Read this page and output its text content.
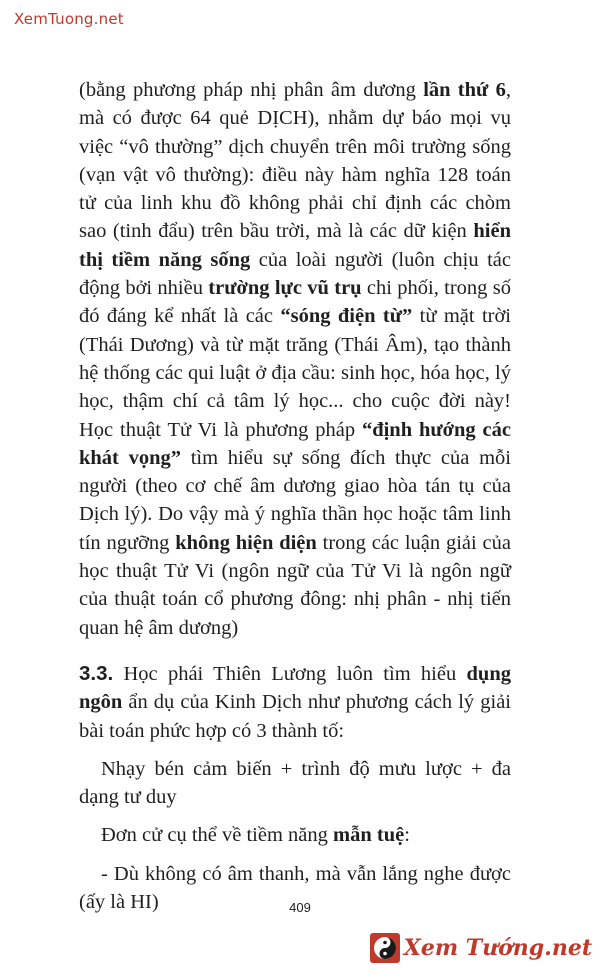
XemTuong.net

(bằng phương pháp nhị phân âm dương lần thứ 6, mà có được 64 quẻ DỊCH), nhằm dự báo mọi vụ việc “vô thường” dịch chuyển trên môi trường sống (vạn vật vô thường): điều này hàm nghĩa 128 toán tử của linh khu đồ không phải chỉ định các chòm sao (tinh đẩu) trên bầu trời, mà là các dữ kiện hiển thị tiềm năng sống của loài người (luôn chịu tác động bởi nhiều trường lực vũ trụ chi phối, trong số đó đáng kể nhất là các “sóng điện từ” từ mặt trời (Thái Dương) và từ mặt trăng (Thái Âm), tạo thành hệ thống các qui luật ở địa cầu: sinh học, hóa học, lý học, thậm chí cả tâm lý học... cho cuộc đời này! Học thuật Tử Vi là phương pháp “định hướng các khát vọng” tìm hiểu sự sống đích thực của mỗi người (theo cơ chế âm dương giao hòa tán tụ của Dịch lý). Do vậy mà ý nghĩa thần học hoặc tâm linh tín ngưỡng không hiện diện trong các luận giải của học thuật Tử Vi (ngôn ngữ của Tử Vi là ngôn ngữ của thuật toán cổ phương đông: nhị phân - nhị tiến quan hệ âm dương)

3.3. Học phái Thiên Lương luôn tìm hiểu dụng ngôn ẩn dụ của Kinh Dịch như phương cách lý giải bài toán phức hợp có 3 thành tố:

Nhạy bén cảm biến + trình độ mưu lược + đa dạng tư duy

Đơn cử cụ thể về tiềm năng mẫn tuệ:

- Dù không có âm thanh, mà vẫn lắng nghe được (ấy là HI)	409
Xem Tướng.net
